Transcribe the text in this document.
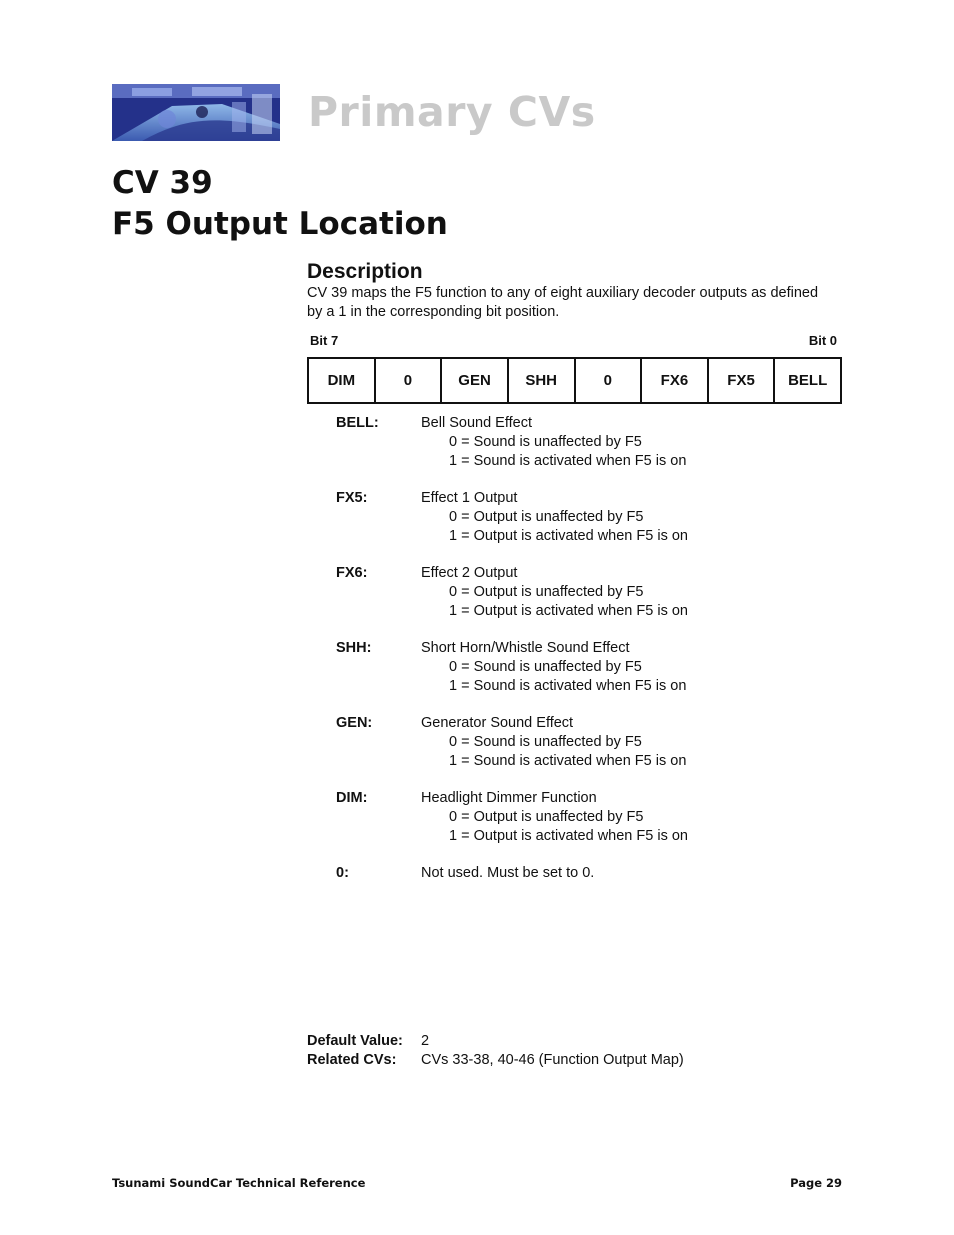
Primary CVs
CV 39
F5 Output Location
Description
CV 39 maps the F5 function to any of eight auxiliary decoder outputs as defined by a 1 in the corresponding bit position.
Bit 7	Bit 0
DIM	0	GEN	SHH	0	FX6	FX5	BELL
BELL:	Bell Sound Effect
0 = Sound is unaffected by F5
1 = Sound is activated when F5 is on
FX5:	Effect 1 Output
0 = Output is unaffected by F5
1 = Output is activated when F5 is on
FX6:	Effect 2 Output
0 = Output is unaffected by F5
1 = Output is activated when F5 is on
SHH:	Short Horn/Whistle Sound Effect
0 = Sound is unaffected by F5
1 = Sound is activated when F5 is on
GEN:	Generator Sound Effect
0 = Sound is unaffected by F5
1 = Sound is activated when F5 is on
DIM:	Headlight Dimmer Function
0 = Output is unaffected by F5
1 = Output is activated when F5 is on
0:	Not used. Must be set to 0.
Default Value: 2
Related CVs: CVs 33-38, 40-46 (Function Output Map)
Tsunami SoundCar Technical Reference	Page 29
